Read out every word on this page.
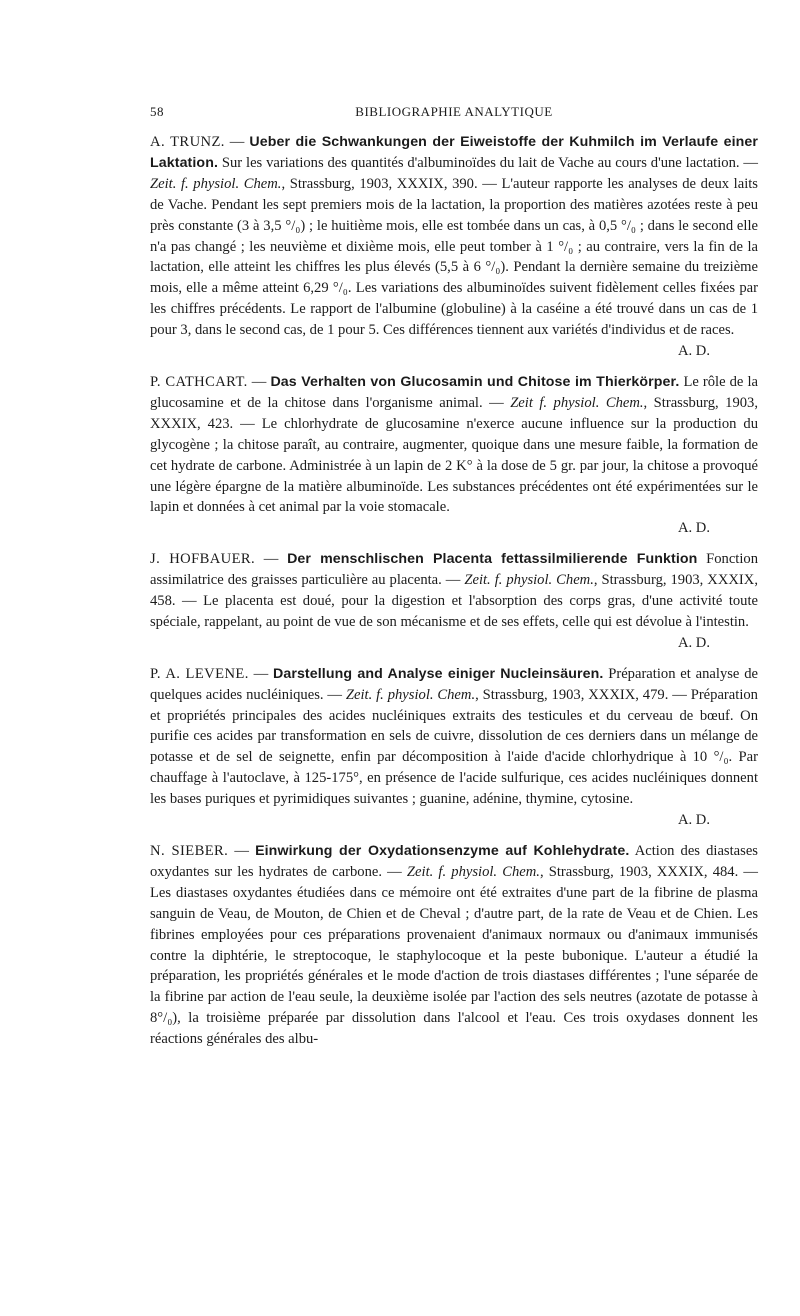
58	BIBLIOGRAPHIE ANALYTIQUE

A. TRUNZ. — Ueber die Schwankungen der Eiweistoffe der Kuhmilch im Verlaufe einer Laktation. Sur les variations des quantités d'albuminoïdes du lait de Vache au cours d'une lactation. — Zeit. f. physiol. Chem., Strassburg, 1903, XXXIX, 390. — L'auteur rapporte les analyses de deux laits de Vache. Pendant les sept premiers mois de la lactation, la proportion des matières azotées reste à peu près constante (3 à 3,5 °/₀) ; le huitième mois, elle est tombée dans un cas, à 0,5 °/₀ ; dans le second elle n'a pas changé ; les neuvième et dixième mois, elle peut tomber à 1 °/₀ ; au contraire, vers la fin de la lactation, elle atteint les chiffres les plus élevés (5,5 à 6 °/₀). Pendant la dernière semaine du treizième mois, elle a même atteint 6,29 °/₀. Les variations des albuminoïdes suivent fidèlement celles fixées par les chiffres précédents. Le rapport de l'albumine (globuline) à la caséine a été trouvé dans un cas de 1 pour 3, dans le second cas, de 1 pour 5. Ces différences tiennent aux variétés d'individus et de races.
A. D.

P. CATHCART. — Das Verhalten von Glucosamin und Chitose im Thierkörper. Le rôle de la glucosamine et de la chitose dans l'organisme animal. — Zeit f. physiol. Chem., Strassburg, 1903, XXXIX, 423. — Le chlorhydrate de glucosamine n'exerce aucune influence sur la production du glycogène ; la chitose paraît, au contraire, augmenter, quoique dans une mesure faible, la formation de cet hydrate de carbone. Administrée à un lapin de 2 K° à la dose de 5 gr. par jour, la chitose a provoqué une légère épargne de la matière albuminoïde. Les substances précédentes ont été expérimentées sur le lapin et données à cet animal par la voie stomacale.
A. D.

J. HOFBAUER. — Der menschlischen Placenta fettassilmilierende Funktion Fonction assimilatrice des graisses particulière au placenta. — Zeit. f. physiol. Chem., Strassburg, 1903, XXXIX, 458. — Le placenta est doué, pour la digestion et l'absorption des corps gras, d'une activité toute spéciale, rappelant, au point de vue de son mécanisme et de ses effets, celle qui est dévolue à l'intestin.
A. D.

P. A. LEVENE. — Darstellung and Analyse einiger Nucleinsäuren. Préparation et analyse de quelques acides nucléiniques. — Zeit. f. physiol. Chem., Strassburg, 1903, XXXIX, 479. — Préparation et propriétés principales des acides nucléiniques extraits des testicules et du cerveau de bœuf. On purifie ces acides par transformation en sels de cuivre, dissolution de ces derniers dans un mélange de potasse et de sel de seignette, enfin par décomposition à l'aide d'acide chlorhydrique à 10 °/₀. Par chauffage à l'autoclave, à 125-175°, en présence de l'acide sulfurique, ces acides nucléiniques donnent les bases puriques et pyrimidiques suivantes ; guanine, adénine, thymine, cytosine.
A. D.

N. SIEBER. — Einwirkung der Oxydationsenzyme auf Kohlehydrate. Action des diastases oxydantes sur les hydrates de carbone. — Zeit. f. physiol. Chem., Strassburg, 1903, XXXIX, 484. — Les diastases oxydantes étudiées dans ce mémoire ont été extraites d'une part de la fibrine de plasma sanguin de Veau, de Mouton, de Chien et de Cheval ; d'autre part, de la rate de Veau et de Chien. Les fibrines employées pour ces préparations provenaient d'animaux normaux ou d'animaux immunisés contre la diphtérie, le streptocoque, le staphylocoque et la peste bubonique. L'auteur a étudié la préparation, les propriétés générales et le mode d'action de trois diastases différentes ; l'une séparée de la fibrine par action de l'eau seule, la deuxième isolée par l'action des sels neutres (azotate de potasse à 8°/₀), la troisième préparée par dissolution dans l'alcool et l'eau. Ces trois oxydases donnent les réactions générales des albu-
